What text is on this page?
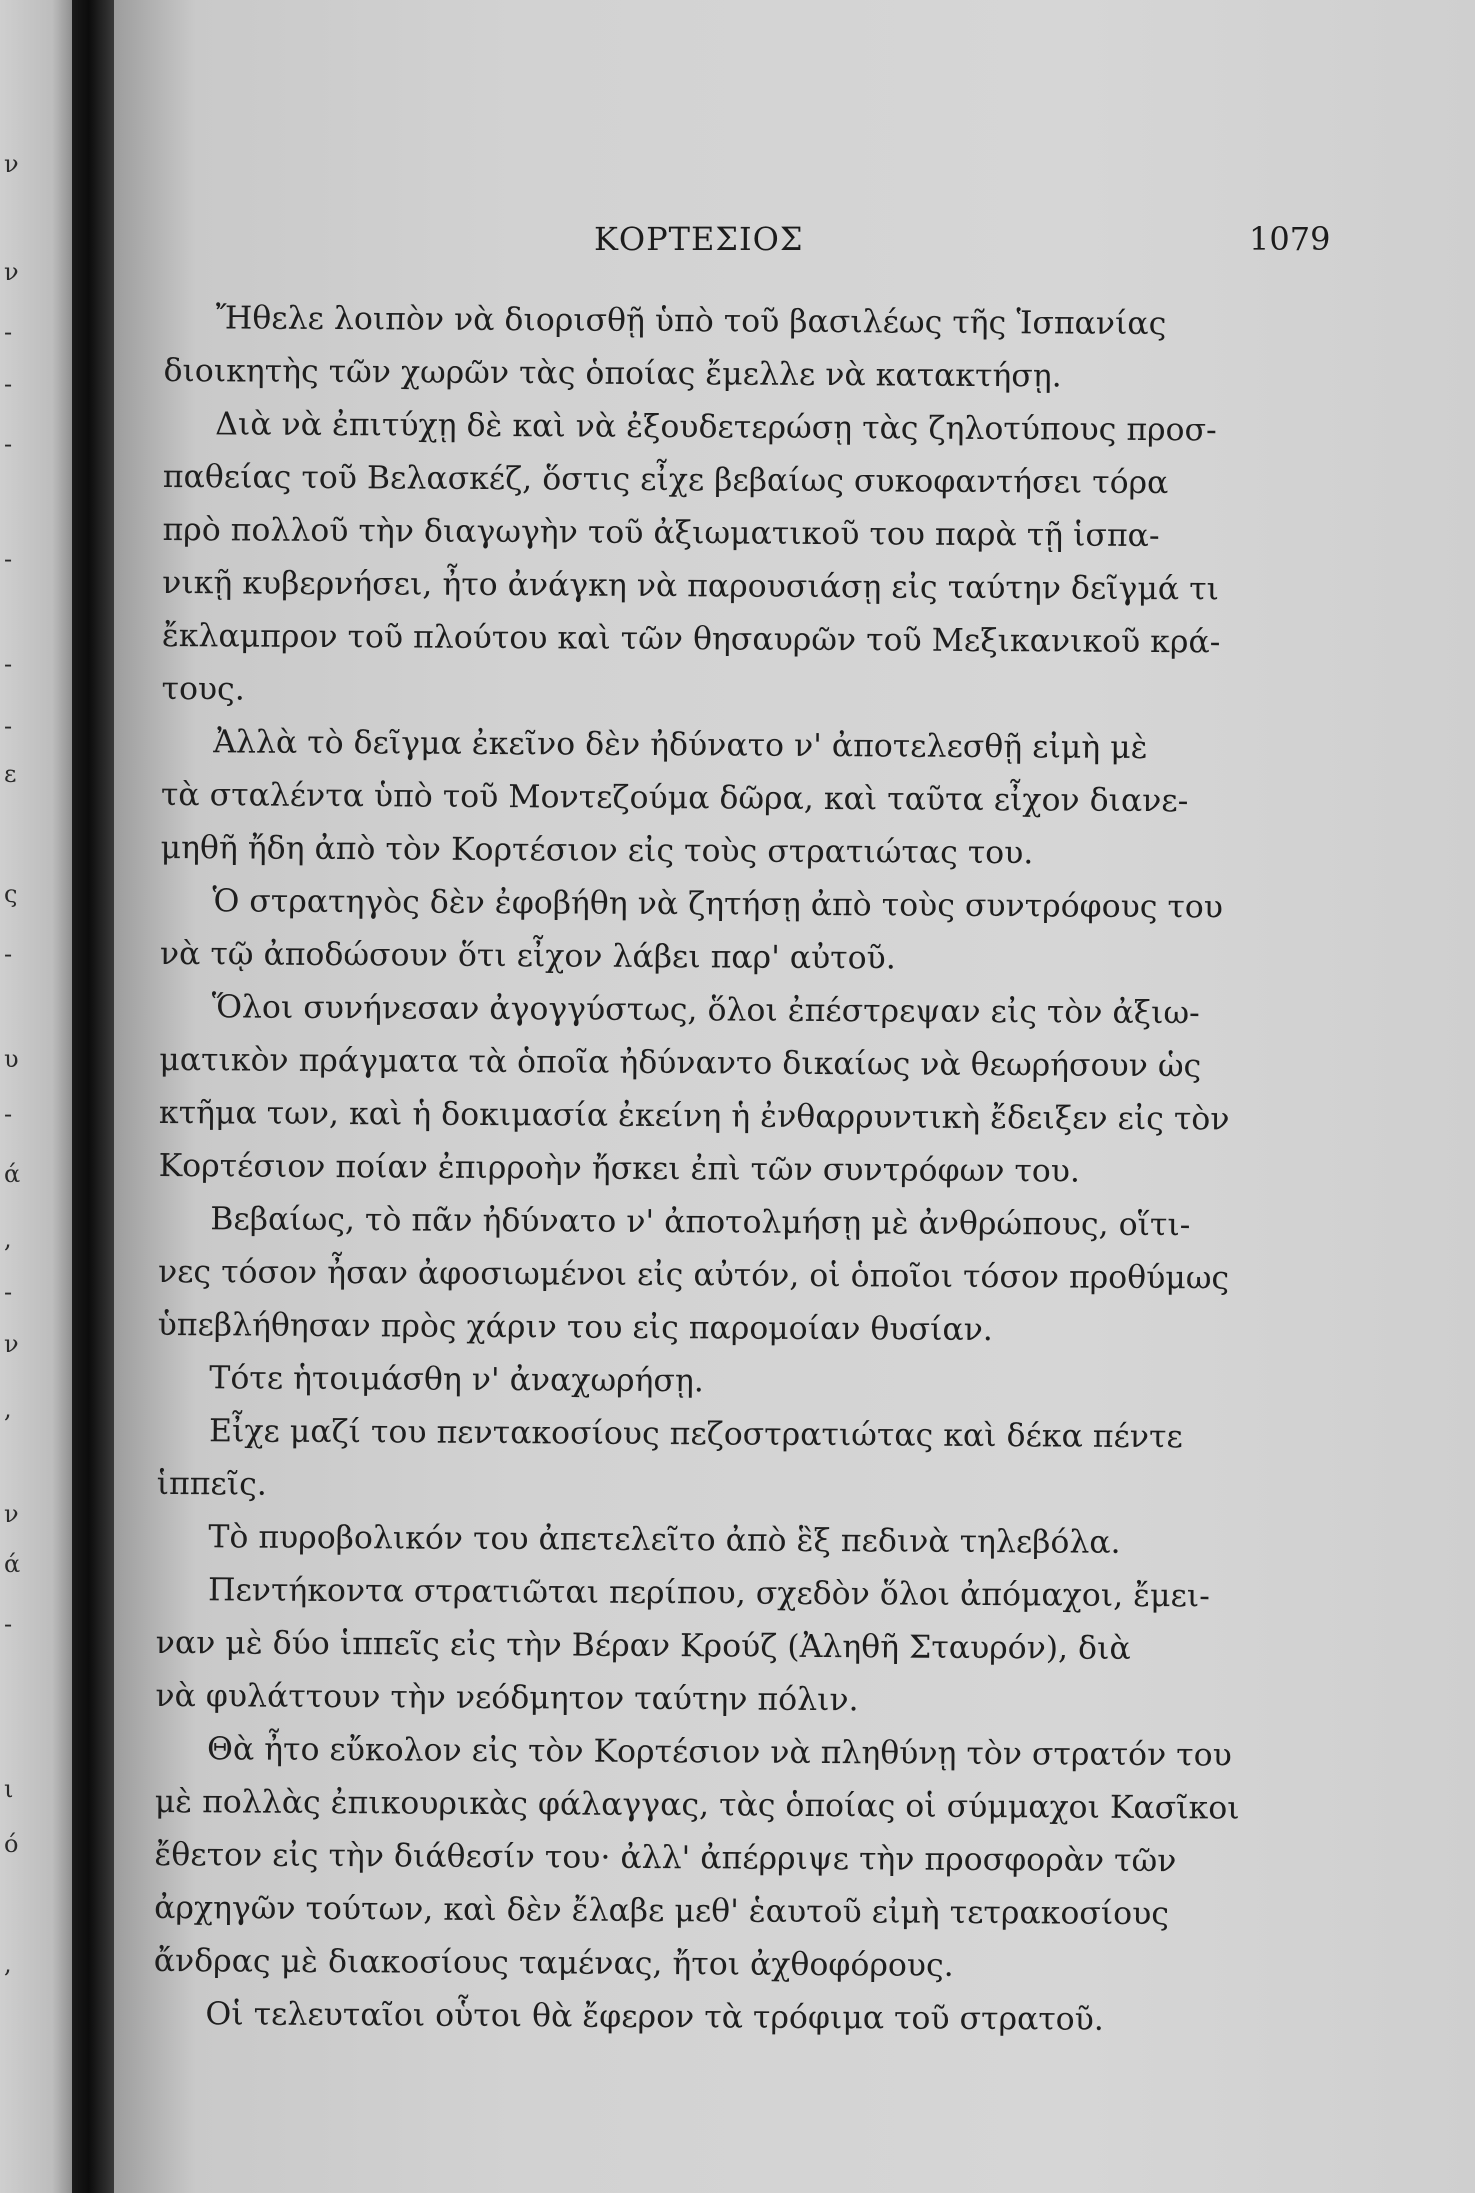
ν
ν
-
-
-
-
-
-
ε
ς
-
υ
-
ά
,
-
ν
,
ν
ά
-
ι
ό
,
ΚΟΡΤΕΣΙΟΣ	1079
Ἤθελε λοιπὸν νὰ διορισθῇ ὑπὸ τοῦ βασιλέως τῆς Ἱσπανίας
διοικητὴς τῶν χωρῶν τὰς ὁποίας ἔμελλε νὰ κατακτήσῃ.
Διὰ νὰ ἐπιτύχῃ δὲ καὶ νὰ ἐξουδετερώσῃ τὰς ζηλοτύπους προσ-
παθείας τοῦ Βελασκέζ, ὅστις εἶχε βεβαίως συκοφαντήσει τόρα
πρὸ πολλοῦ τὴν διαγωγὴν τοῦ ἀξιωματικοῦ του παρὰ τῇ ἱσπα-
νικῇ κυβερνήσει, ἦτο ἀνάγκη νὰ παρουσιάσῃ εἰς ταύτην δεῖγμά τι
ἔκλαμπρον τοῦ πλούτου καὶ τῶν θησαυρῶν τοῦ Μεξικανικοῦ κρά-
τους.
Ἀλλὰ τὸ δεῖγμα ἐκεῖνο δὲν ἠδύνατο ν' ἀποτελεσθῇ εἰμὴ μὲ
τὰ σταλέντα ὑπὸ τοῦ Μοντεζούμα δῶρα, καὶ ταῦτα εἶχον διανε-
μηθῆ ἤδη ἀπὸ τὸν Κορτέσιον εἰς τοὺς στρατιώτας του.
Ὁ στρατηγὸς δὲν ἐφοβήθη νὰ ζητήσῃ ἀπὸ τοὺς συντρόφους του
νὰ τῷ ἀποδώσουν ὅτι εἶχον λάβει παρ' αὐτοῦ.
Ὅλοι συνήνεσαν ἀγογγύστως, ὅλοι ἐπέστρεψαν εἰς τὸν ἀξιω-
ματικὸν πράγματα τὰ ὁποῖα ἠδύναντο δικαίως νὰ θεωρήσουν ὡς
κτῆμα των, καὶ ἡ δοκιμασία ἐκείνη ἡ ἐνθαρρυντικὴ ἔδειξεν εἰς τὸν
Κορτέσιον ποίαν ἐπιρροὴν ἤσκει ἐπὶ τῶν συντρόφων του.
Βεβαίως, τὸ πᾶν ἠδύνατο ν' ἀποτολμήσῃ μὲ ἀνθρώπους, οἵτι-
νες τόσον ἦσαν ἀφοσιωμένοι εἰς αὐτόν, οἱ ὁποῖοι τόσον προθύμως
ὑπεβλήθησαν πρὸς χάριν του εἰς παρομοίαν θυσίαν.
Τότε ἡτοιμάσθη ν' ἀναχωρήσῃ.
Εἶχε μαζί του πεντακοσίους πεζοστρατιώτας καὶ δέκα πέντε
ἱππεῖς.
Τὸ πυροβολικόν του ἀπετελεῖτο ἀπὸ ἓξ πεδινὰ τηλεβόλα.
Πεντήκοντα στρατιῶται περίπου, σχεδὸν ὅλοι ἀπόμαχοι, ἔμει-
ναν μὲ δύο ἱππεῖς εἰς τὴν Βέραν Κρούζ (Ἀληθῆ Σταυρόν), διὰ
νὰ φυλάττουν τὴν νεόδμητον ταύτην πόλιν.
Θὰ ἦτο εὔκολον εἰς τὸν Κορτέσιον νὰ πληθύνῃ τὸν στρατόν του
μὲ πολλὰς ἐπικουρικὰς φάλαγγας, τὰς ὁποίας οἱ σύμμαχοι Κασῖκοι
ἔθετον εἰς τὴν διάθεσίν του· ἀλλ' ἀπέρριψε τὴν προσφορὰν τῶν
ἀρχηγῶν τούτων, καὶ δὲν ἔλαβε μεθ' ἑαυτοῦ εἰμὴ τετρακοσίους
ἄνδρας μὲ διακοσίους ταμένας, ἤτοι ἀχθοφόρους.
Οἱ τελευταῖοι οὗτοι θὰ ἔφερον τὰ τρόφιμα τοῦ στρατοῦ.
